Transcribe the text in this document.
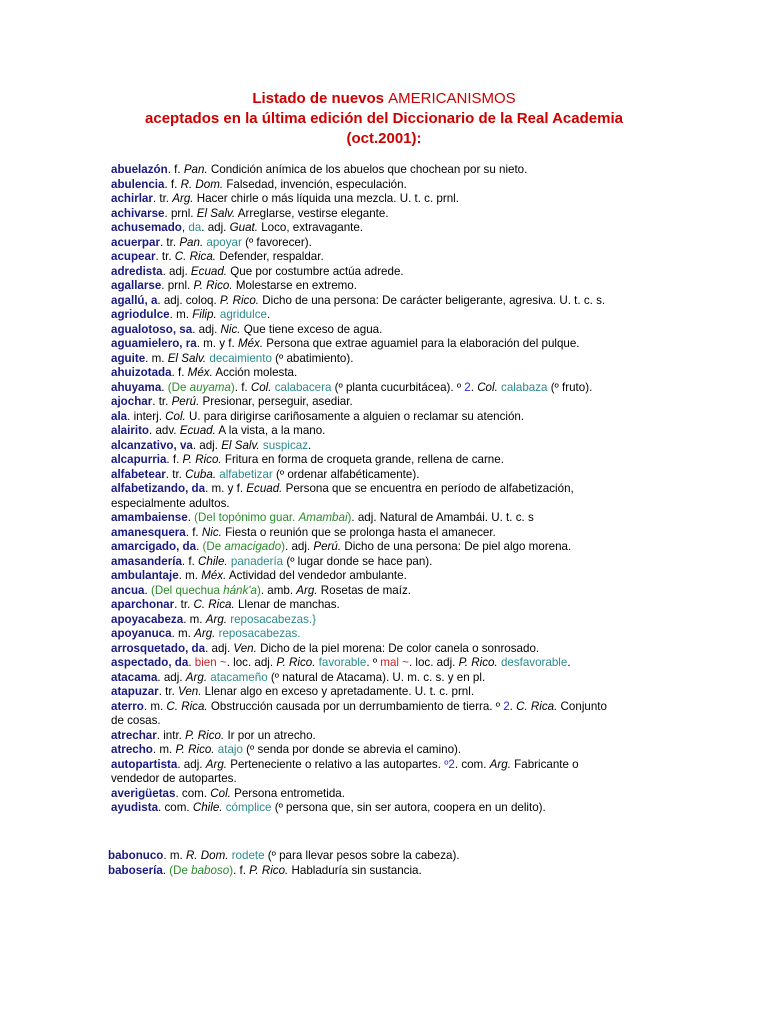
Listado de nuevos AMERICANISMOS
aceptados en la última edición del Diccionario de la Real Academia
(oct.2001):
abuelazón. f. Pan. Condición anímica de los abuelos que chochean por su nieto.
abulencia. f. R. Dom. Falsedad, invención, especulación.
achirlar. tr. Arg. Hacer chirle o más líquida una mezcla. U. t. c. prnl.
achivarse. prnl. El Salv. Arreglarse, vestirse elegante.
achusemado, da. adj. Guat. Loco, extravagante.
acuerpar. tr. Pan. apoyar (º favorecer).
acupear. tr. C. Rica. Defender, respaldar.
adredista. adj. Ecuad. Que por costumbre actúa adrede.
agallarse. prnl. P. Rico. Molestarse en extremo.
agallú, a. adj. coloq. P. Rico. Dicho de una persona: De carácter beligerante, agresiva. U. t. c. s.
agriodulce. m. Filip. agridulce.
agualotoso, sa. adj. Nic. Que tiene exceso de agua.
aguamielero, ra. m. y f. Méx. Persona que extrae aguamiel para la elaboración del pulque.
aguite. m. El Salv. decaimiento (º abatimiento).
ahuizotada. f. Méx. Acción molesta.
ahuyama. (De auyama). f. Col. calabacera (º planta cucurbitácea). º 2. Col. calabaza (º fruto).
ajochar. tr. Perú. Presionar, perseguir, asediar.
ala. interj. Col. U. para dirigirse cariñosamente a alguien o reclamar su atención.
alairito. adv. Ecuad. A la vista, a la mano.
alcanzativo, va. adj. El Salv. suspicaz.
alcapurria. f. P. Rico. Fritura en forma de croqueta grande, rellena de carne.
alfabetear. tr. Cuba. alfabetizar (º ordenar alfabéticamente).
alfabetizando, da. m. y f. Ecuad. Persona que se encuentra en período de alfabetización, especialmente adultos.
amambaiense. (Del topónimo guar. Amambai). adj. Natural de Amambái. U. t. c. s
amanesquera. f. Nic. Fiesta o reunión que se prolonga hasta el amanecer.
amarcigado, da. (De amacigado). adj. Perú. Dicho de una persona: De piel algo morena.
amasandería. f. Chile. panadería (º lugar donde se hace pan).
ambulantaje. m. Méx. Actividad del vendedor ambulante.
ancua. (Del quechua hánk'a). amb. Arg. Rosetas de maíz.
aparchonar. tr. C. Rica. Llenar de manchas.
apoyacabeza. m. Arg. reposacabezas.}
apoyanuca. m. Arg. reposacabezas.
arrosquetado, da. adj. Ven. Dicho de la piel morena: De color canela o sonrosado.
aspectado, da. bien ~. loc. adj. P. Rico. favorable. º mal ~. loc. adj. P. Rico. desfavorable.
atacama. adj. Arg. atacameño (º natural de Atacama). U. m. c. s. y en pl.
atapuzar. tr. Ven. Llenar algo en exceso y apretadamente. U. t. c. prnl.
aterro. m. C. Rica. Obstrucción causada por un derrumbamiento de tierra. º 2. C. Rica. Conjunto de cosas.
atrechar. intr. P. Rico. Ir por un atrecho.
atrecho. m. P. Rico. atajo (º senda por donde se abrevia el camino).
autopartista. adj. Arg. Perteneciente o relativo a las autopartes. º2. com. Arg. Fabricante o vendedor de autopartes.
averigüetas. com. Col. Persona entrometida.
ayudista. com. Chile. cómplice (º persona que, sin ser autora, coopera en un delito).
babonuco. m. R. Dom. rodete (º para llevar pesos sobre la cabeza).
babosería. (De baboso). f. P. Rico. Habladuría sin sustancia.
